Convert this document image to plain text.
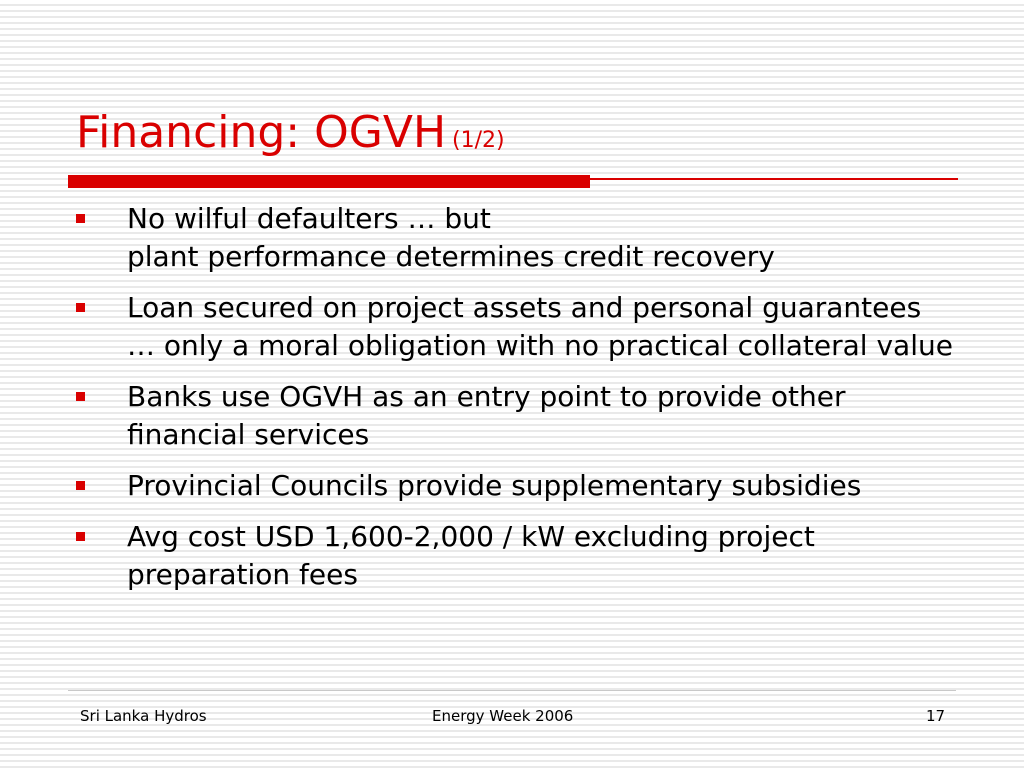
Financing: OGVH (1/2)
No wilful defaulters … but
plant performance determines credit recovery
Loan secured on project assets and personal guarantees … only a moral obligation with no practical collateral value
Banks use OGVH as an entry point to provide other financial services
Provincial Councils provide supplementary subsidies
Avg cost USD 1,600-2,000 / kW excluding project preparation fees
Sri Lanka Hydros	Energy Week 2006	17
